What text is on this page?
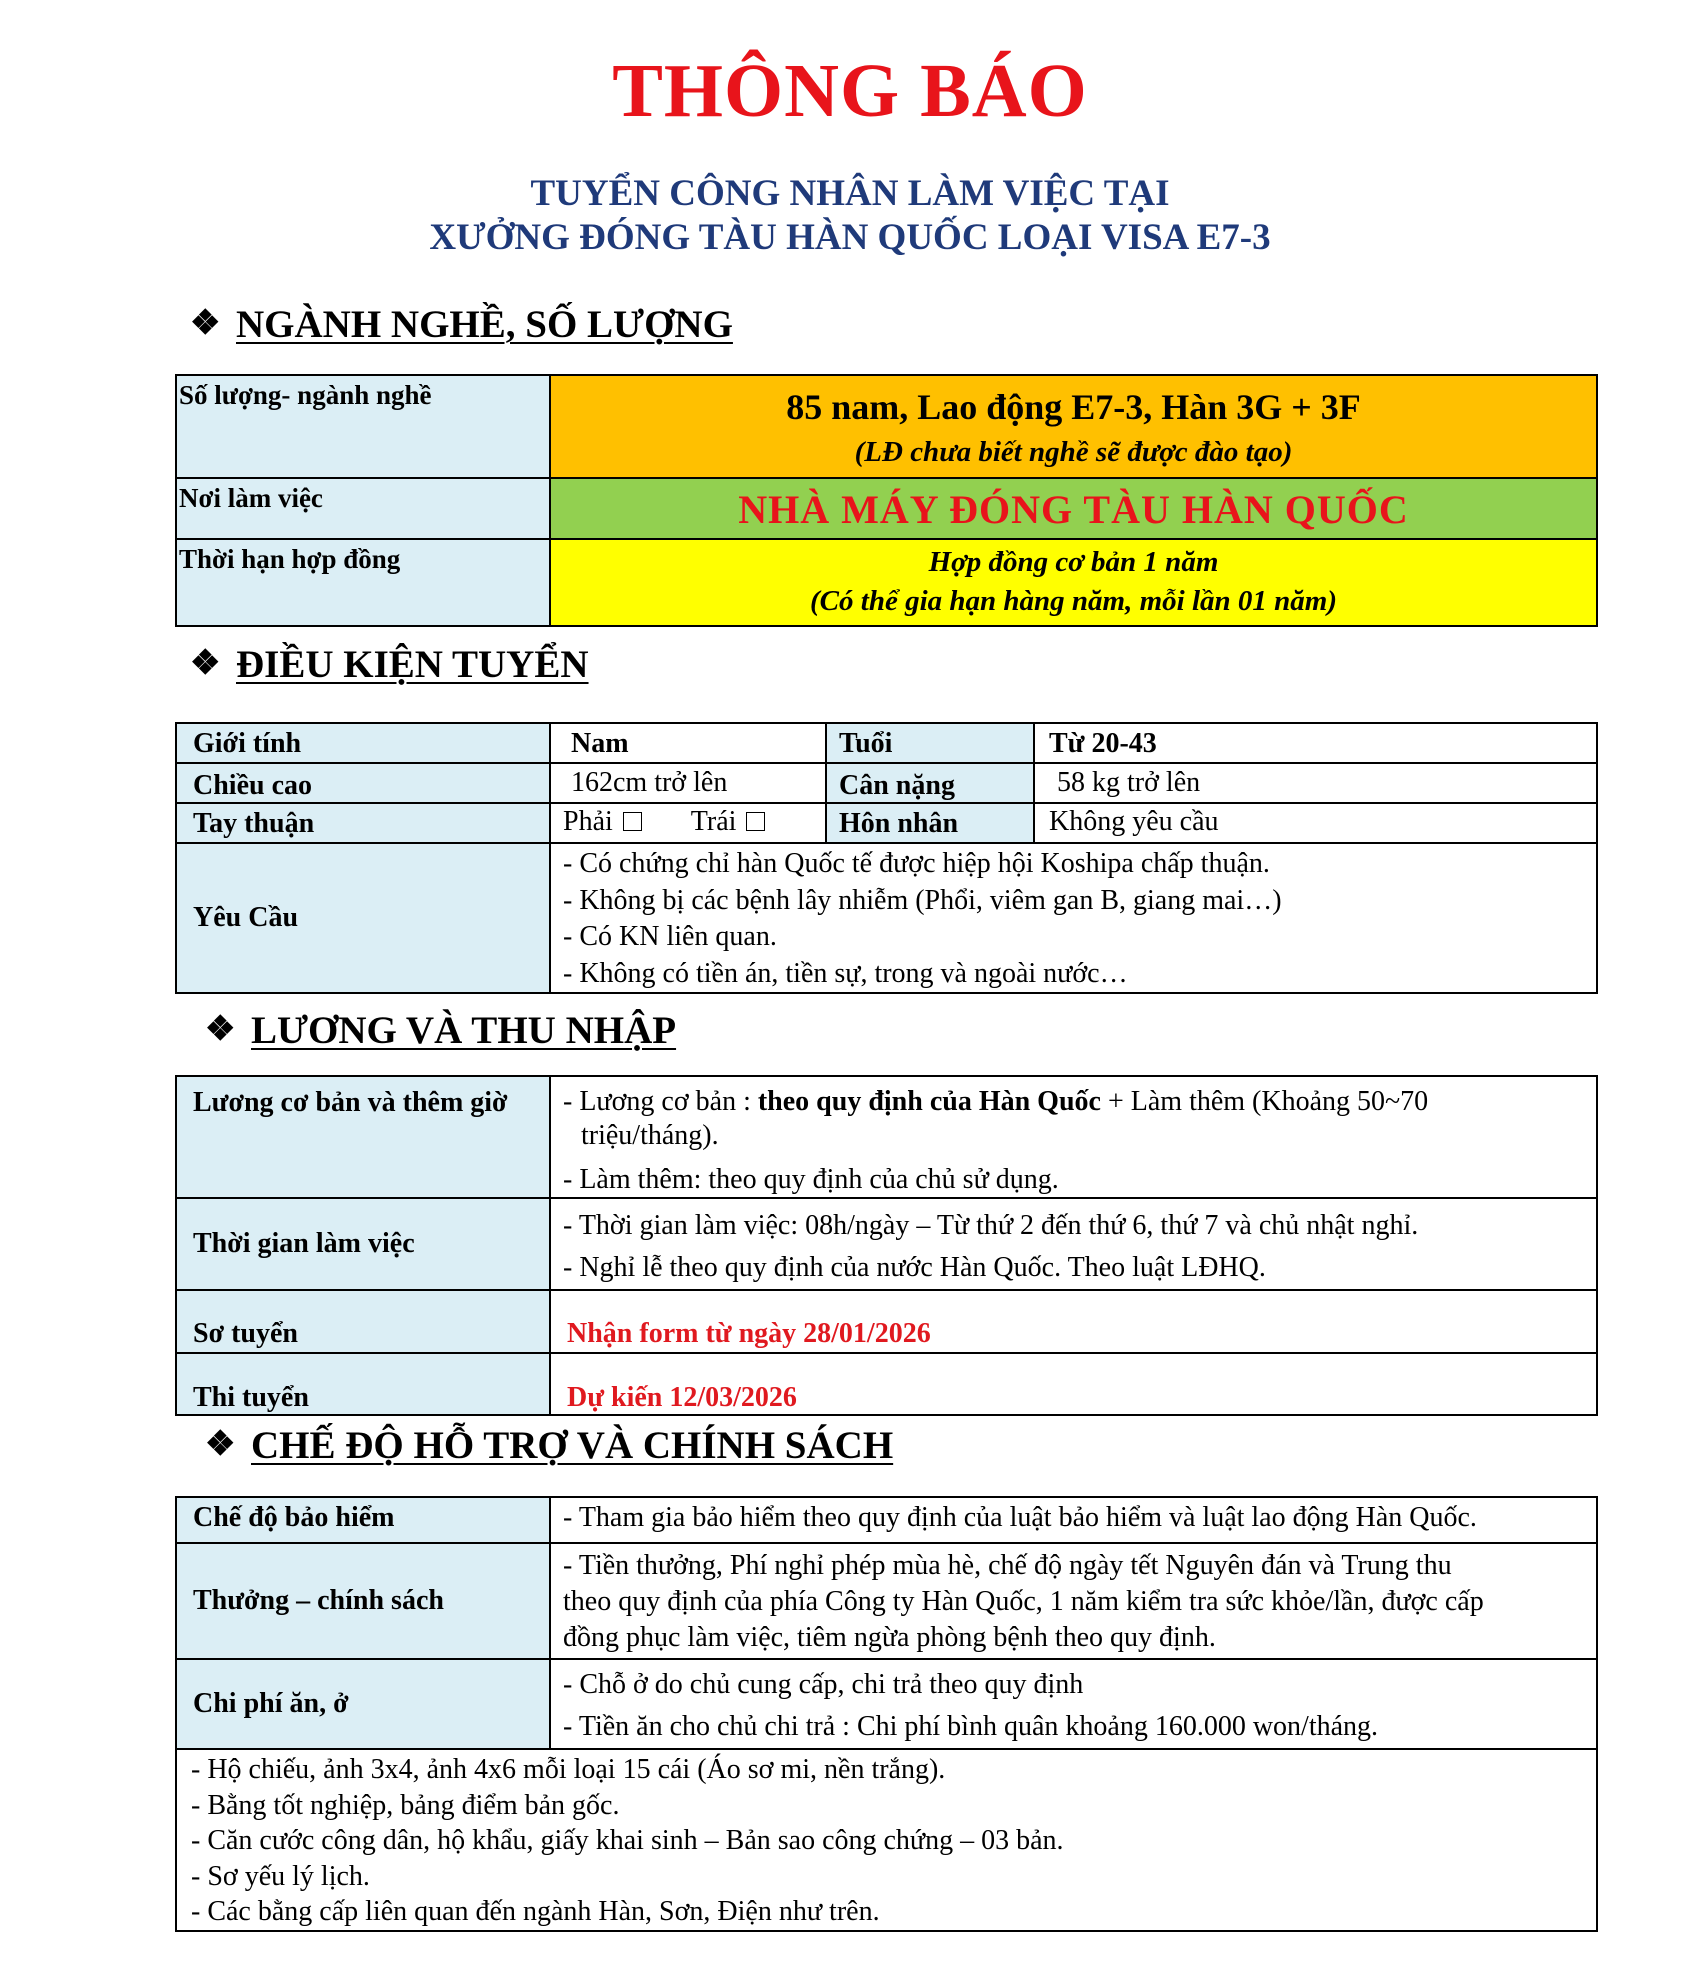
THÔNG BÁO
TUYỂN CÔNG NHÂN LÀM VIỆC TẠI
XƯỞNG ĐÓNG TÀU HÀN QUỐC LOẠI VISA E7-3
❖ NGÀNH NGHỀ, SỐ LƯỢNG
Số lượng- ngành nghề	85 nam, Lao động E7-3, Hàn 3G + 3F
(LĐ chưa biết nghề sẽ được đào tạo)

Nơi làm việc	NHÀ MÁY ĐÓNG TÀU HÀN QUỐC

Thời hạn hợp đồng	Hợp đồng cơ bản 1 năm
(Có thể gia hạn hàng năm, mỗi lần 01 năm)
❖ ĐIỀU KIỆN TUYỂN
Giới tính	Nam	Tuổi	Từ 20-43
Chiều cao	162cm trở lên	Cân nặng	58 kg trở lên
Tay thuận	Phải Trái	Hôn nhân	Không yêu cầu
Yêu Cầu	- Có chứng chỉ hàn Quốc tế được hiệp hội Koshipa chấp thuận.
- Không bị các bệnh lây nhiễm (Phổi, viêm gan B, giang mai…)
- Có KN liên quan.
- Không có tiền án, tiền sự, trong và ngoài nước…		
❖ LƯƠNG VÀ THU NHẬP
Lương cơ bản và thêm giờ	- Lương cơ bản : theo quy định của Hàn Quốc + Làm thêm (Khoảng 50~70
triệu/tháng).
- Làm thêm: theo quy định của chủ sử dụng.

Thời gian làm việc	- Thời gian làm việc: 08h/ngày – Từ thứ 2 đến thứ 6, thứ 7 và chủ nhật nghỉ.
- Nghỉ lễ theo quy định của nước Hàn Quốc. Theo luật LĐHQ.

Sơ tuyển	Nhận form từ ngày 28/01/2026
Thi tuyển	Dự kiến 12/03/2026
❖ CHẾ ĐỘ HỖ TRỢ VÀ CHÍNH SÁCH
Chế độ bảo hiểm	- Tham gia bảo hiểm theo quy định của luật bảo hiểm và luật lao động Hàn Quốc.
Thưởng – chính sách	- Tiền thưởng, Phí nghỉ phép mùa hè, chế độ ngày tết Nguyên đán và Trung thu
theo quy định của phía Công ty Hàn Quốc, 1 năm kiểm tra sức khỏe/lần, được cấp
đồng phục làm việc, tiêm ngừa phòng bệnh theo quy định.

Chi phí ăn, ở	- Chỗ ở do chủ cung cấp, chi trả theo quy định
- Tiền ăn cho chủ chi trả : Chi phí bình quân khoảng 160.000 won/tháng.

- Hộ chiếu, ảnh 3x4, ảnh 4x6 mỗi loại 15 cái (Áo sơ mi, nền trắng).
- Bằng tốt nghiệp, bảng điểm bản gốc.
- Căn cước công dân, hộ khẩu, giấy khai sinh – Bản sao công chứng – 03 bản.
- Sơ yếu lý lịch.
- Các bằng cấp liên quan đến ngành Hàn, Sơn, Điện như trên.	
